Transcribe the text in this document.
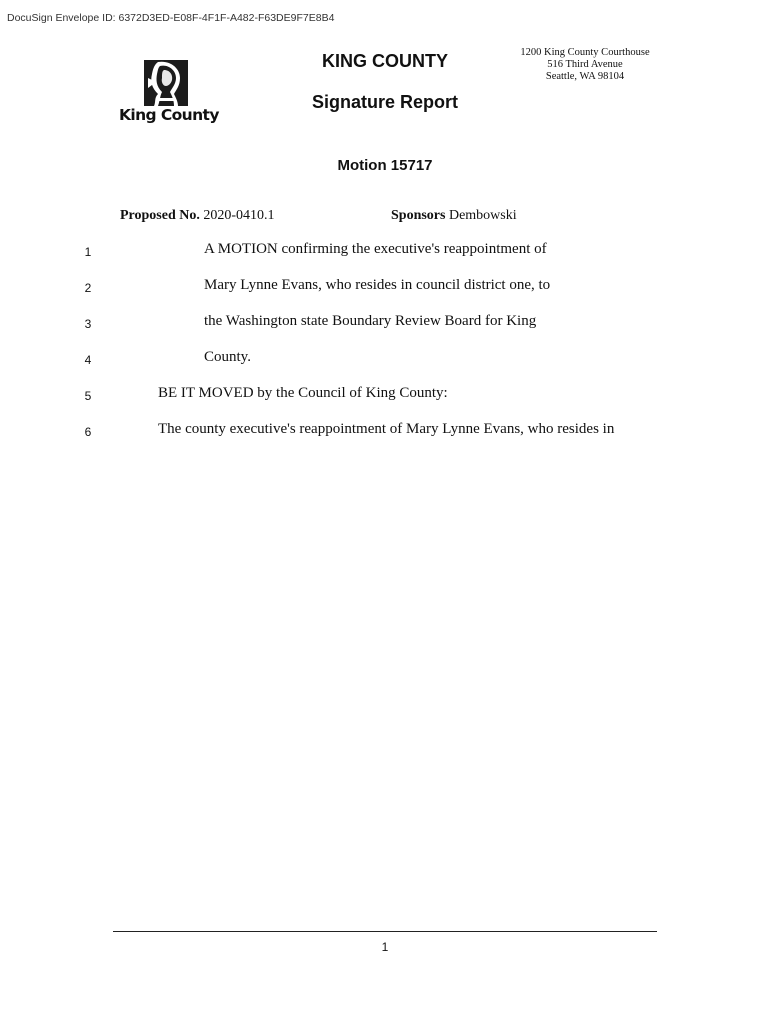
DocuSign Envelope ID: 6372D3ED-E08F-4F1F-A482-F63DE9F7E8B4
King County
KING COUNTY
Signature Report
1200 King County Courthouse
516 Third Avenue
Seattle, WA 98104
Motion 15717
Proposed No. 2020-0410.1	Sponsors Dembowski
1	A MOTION confirming the executive's reappointment of
2	Mary Lynne Evans, who resides in council district one, to
3	the Washington state Boundary Review Board for King
4	County.
5	BE IT MOVED by the Council of King County:
6	The county executive's reappointment of Mary Lynne Evans, who resides in
1
